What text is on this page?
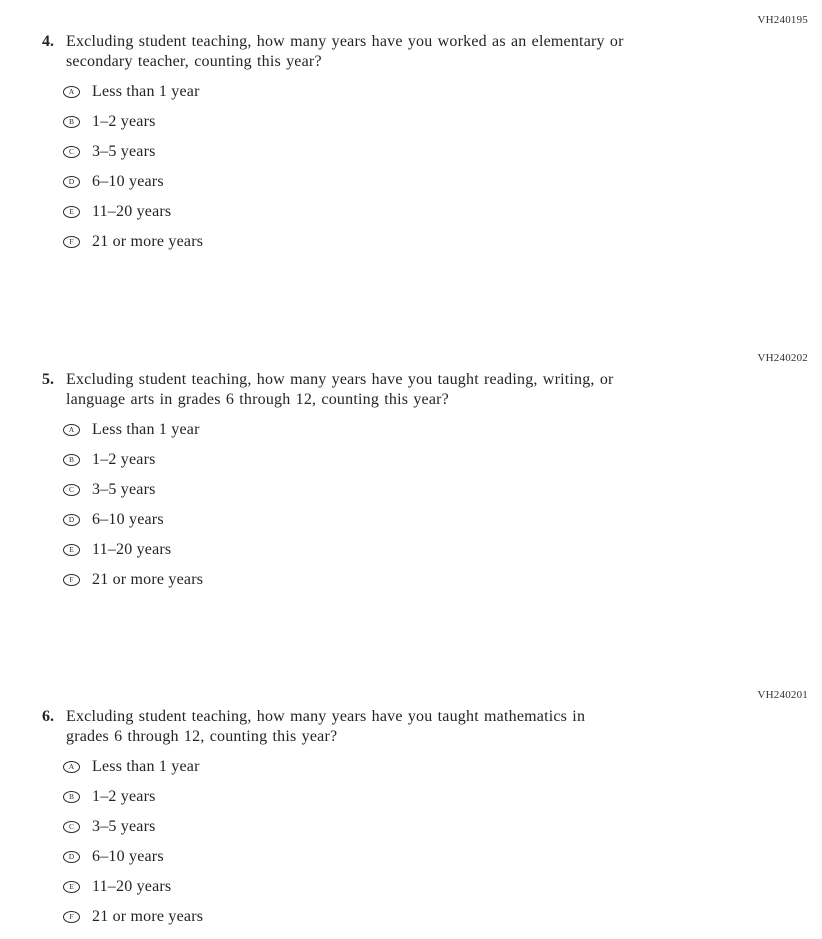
VH240195
4. Excluding student teaching, how many years have you worked as an elementary or
secondary teacher, counting this year?
A Less than 1 year
B 1–2 years
C 3–5 years
D 6–10 years
E 11–20 years
F 21 or more years
VH240202
5. Excluding student teaching, how many years have you taught reading, writing, or
language arts in grades 6 through 12, counting this year?
A Less than 1 year
B 1–2 years
C 3–5 years
D 6–10 years
E 11–20 years
F 21 or more years
VH240201
6. Excluding student teaching, how many years have you taught mathematics in
grades 6 through 12, counting this year?
A Less than 1 year
B 1–2 years
C 3–5 years
D 6–10 years
E 11–20 years
F 21 or more years
